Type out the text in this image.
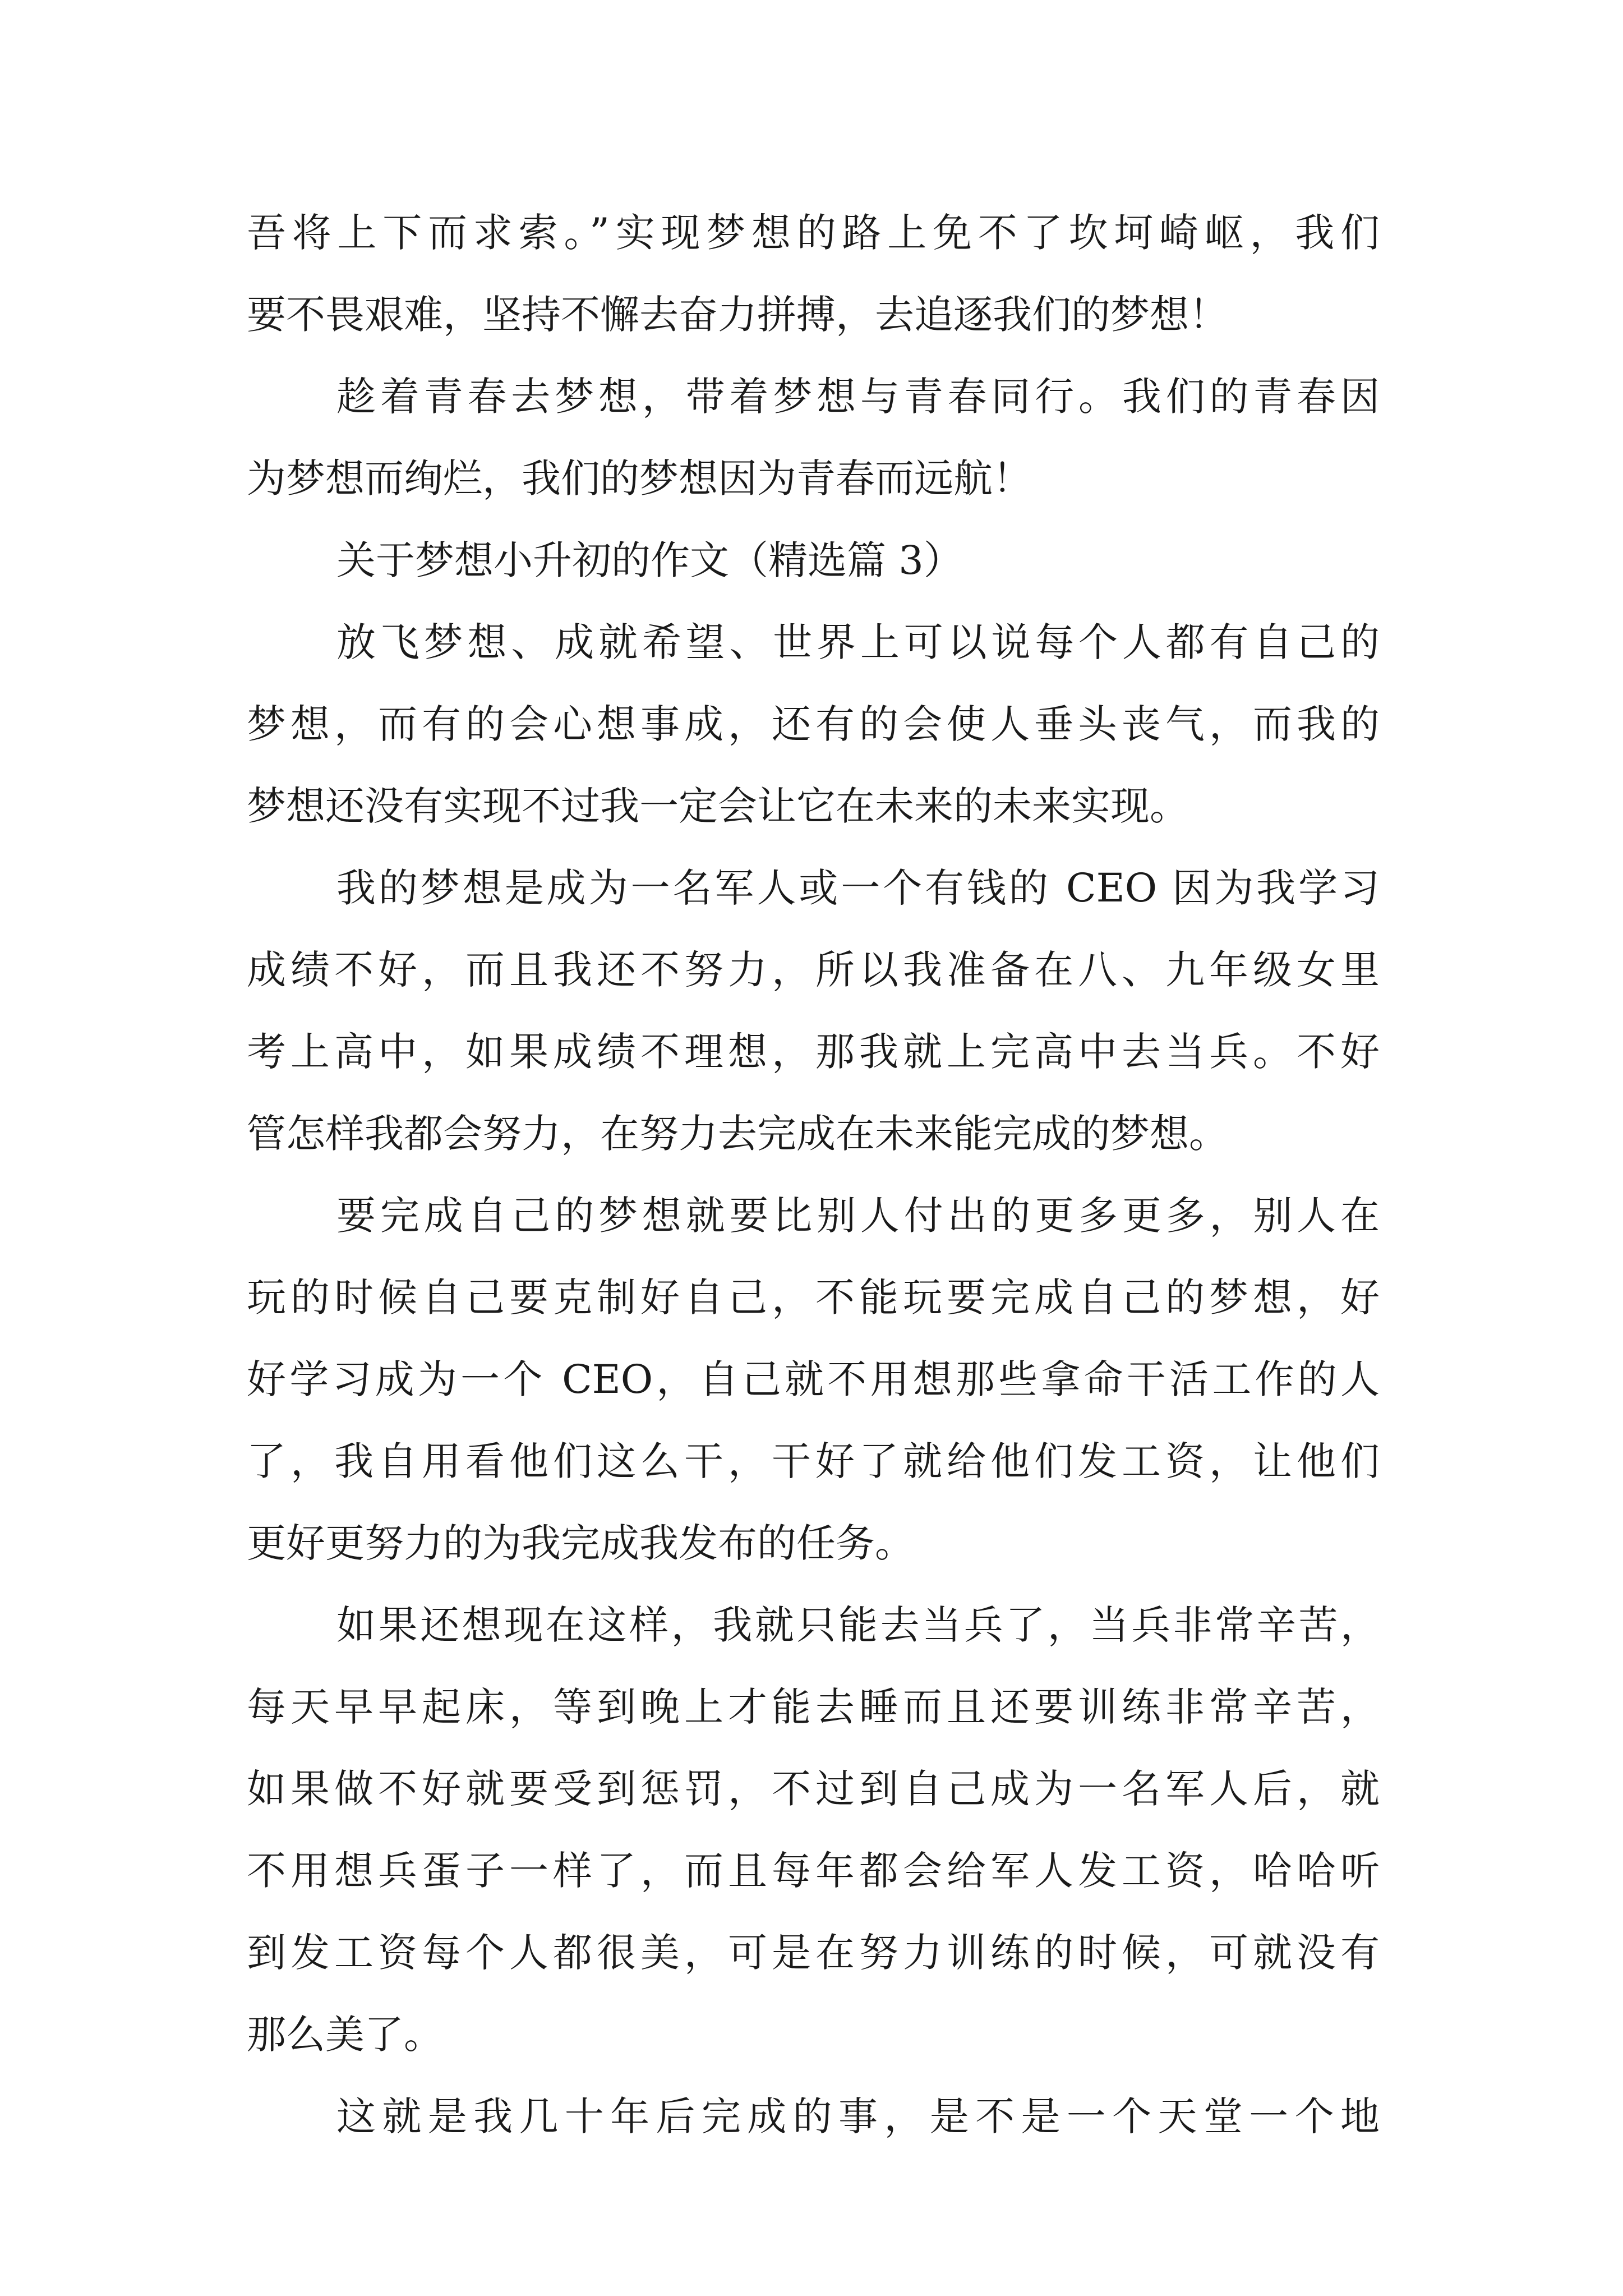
吾将上下而求索。”实现梦想的路上免不了坎坷崎岖，我们
要不畏艰难，坚持不懈去奋力拼搏，去追逐我们的梦想！
趁着青春去梦想，带着梦想与青春同行。我们的青春因
为梦想而绚烂，我们的梦想因为青春而远航！
关于梦想小升初的作文（精选篇 3）
放飞梦想、成就希望、世界上可以说每个人都有自己的
梦想，而有的会心想事成，还有的会使人垂头丧气，而我的
梦想还没有实现不过我一定会让它在未来的未来实现。
我的梦想是成为一名军人或一个有钱的 CEO 因为我学习
成绩不好，而且我还不努力，所以我准备在八、九年级女里
考上高中，如果成绩不理想，那我就上完高中去当兵。不好
管怎样我都会努力，在努力去完成在未来能完成的梦想。
要完成自己的梦想就要比别人付出的更多更多，别人在
玩的时候自己要克制好自己，不能玩要完成自己的梦想，好
好学习成为一个 CEO，自己就不用想那些拿命干活工作的人
了，我自用看他们这么干，干好了就给他们发工资，让他们
更好更努力的为我完成我发布的任务。
如果还想现在这样，我就只能去当兵了，当兵非常辛苦，
每天早早起床，等到晚上才能去睡而且还要训练非常辛苦，
如果做不好就要受到惩罚，不过到自己成为一名军人后，就
不用想兵蛋子一样了，而且每年都会给军人发工资，哈哈听
到发工资每个人都很美，可是在努力训练的时候，可就没有
那么美了。
这就是我几十年后完成的事，是不是一个天堂一个地
